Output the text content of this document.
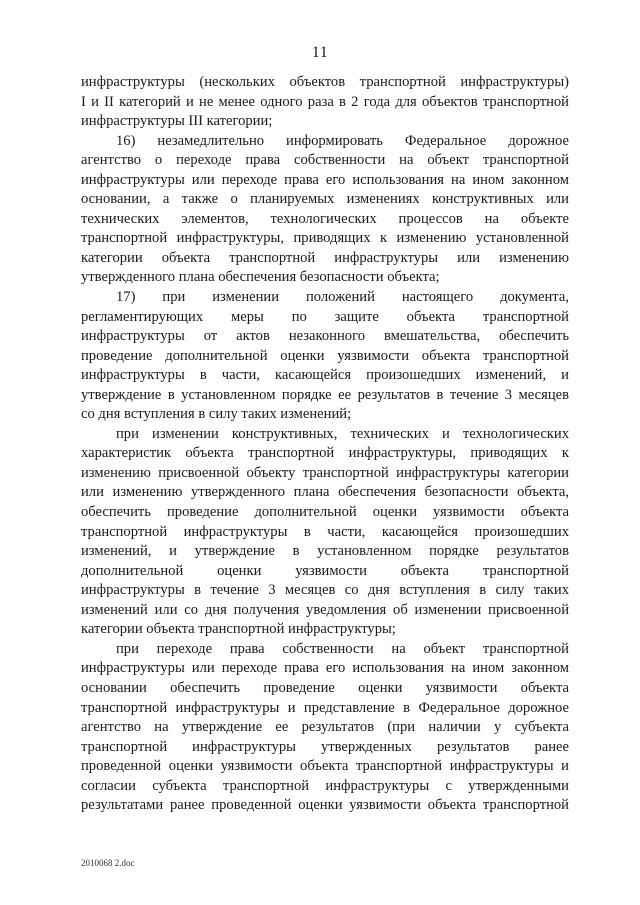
11

инфраструктуры (нескольких объектов транспортной инфраструктуры)

I и II категорий и не менее одного раза в 2 года для объектов транспортной

инфраструктуры III категории;

16) незамедлительно информировать Федеральное дорожное

агентство о переходе права собственности на объект транспортной

инфраструктуры или переходе права его использования на ином законном

основании, а также о планируемых изменениях конструктивных или

технических элементов, технологических процессов на объекте

транспортной инфраструктуры, приводящих к изменению установленной

категории объекта транспортной инфраструктуры или изменению

утвержденного плана обеспечения безопасности объекта;

17) при изменении положений настоящего документа,

регламентирующих меры по защите объекта транспортной

инфраструктуры от актов незаконного вмешательства, обеспечить

проведение дополнительной оценки уязвимости объекта транспортной

инфраструктуры в части, касающейся произошедших изменений, и

утверждение в установленном порядке ее результатов в течение 3 месяцев

со дня вступления в силу таких изменений;

при изменении конструктивных, технических и технологических

характеристик объекта транспортной инфраструктуры, приводящих к

изменению присвоенной объекту транспортной инфраструктуры категории

или изменению утвержденного плана обеспечения безопасности объекта,

обеспечить проведение дополнительной оценки уязвимости объекта

транспортной инфраструктуры в части, касающейся произошедших

изменений, и утверждение в установленном порядке результатов

дополнительной оценки уязвимости объекта транспортной

инфраструктуры в течение 3 месяцев со дня вступления в силу таких

изменений или со дня получения уведомления об изменении присвоенной

категории объекта транспортной инфраструктуры;

при переходе права собственности на объект транспортной

инфраструктуры или переходе права его использования на ином законном

основании обеспечить проведение оценки уязвимости объекта

транспортной инфраструктуры и представление в Федеральное дорожное

агентство на утверждение ее результатов (при наличии у субъекта

транспортной инфраструктуры утвержденных результатов ранее

проведенной оценки уязвимости объекта транспортной инфраструктуры и

согласии субъекта транспортной инфраструктуры с утвержденными

результатами ранее проведенной оценки уязвимости объекта транспортной

2010068 2.doc
